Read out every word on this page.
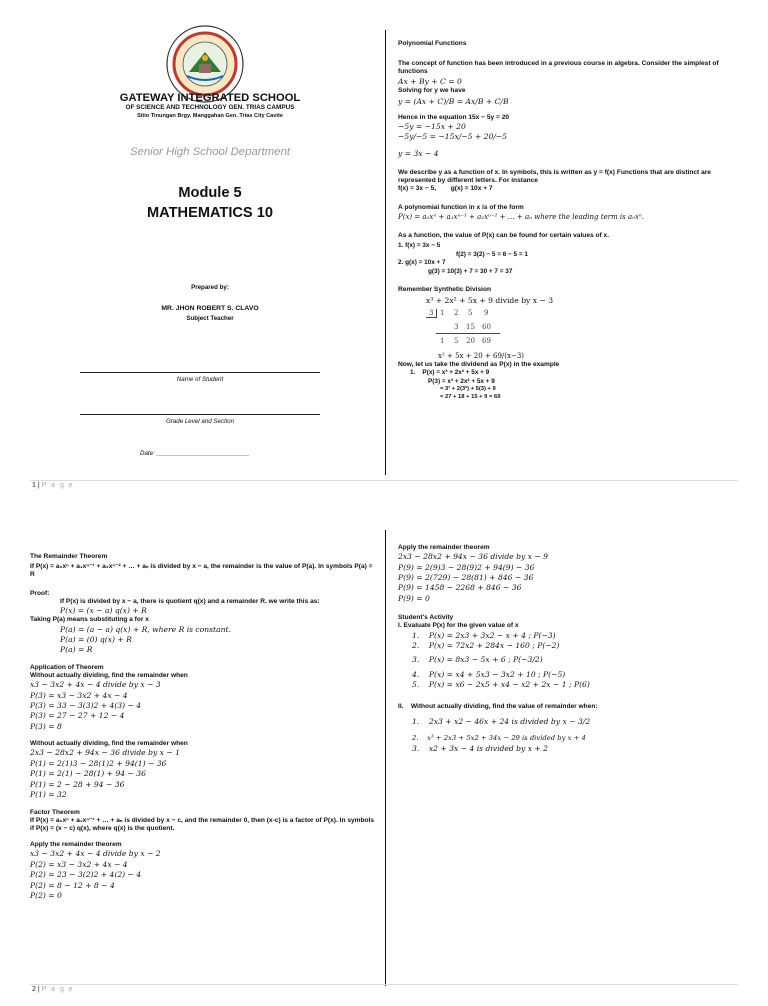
GATEWAY INTEGRATED SCHOOL
OF SCIENCE AND TECHNOLOGY GEN. TRIAS CAMPUS
Sitio Tinungan Brgy. Manggahan Gen. Trias City Cavite
Senior High School Department
Module 5
MATHEMATICS 10
Prepared by:
MR. JHON ROBERT S. CLAVO
Subject Teacher
Name of Student
Grade Level and Section
Date: ___________________________
Polynomial Functions
The concept of function has been introduced in a previous course in algebra. Consider the simplest of functions
Ax + By + C = 0
Solving for y we have
y = (Ax + C)/B = Ax/B + C/B
Hence in the equation 15x − 5y = 20
−5y = −15x + 20
−5y/−5 = −15x/−5 + 20/−5
y = 3x − 4
We describe y as a function of x. In symbols, this is written as y = f(x) Functions that are distinct are represented by different letters. For instance
f(x) = 3x − 5,        g(x) = 10x + 7
A polynomial function in x is of the form
P(x) = a₀xⁿ + a₁xⁿ⁻¹ + a₂xⁿ⁻² + … + aₙ where the leading term is a₀xⁿ.
As a function, the value of P(x) can be found for certain values of x.
1. f(x) = 3x − 5
f(2) = 3(2) − 5 = 6 − 5 = 1
2. g(x) = 10x + 7
g(3) = 10(3) + 7 = 30 + 7 = 37
Remember Synthetic Division
x³ + 2x² + 5x + 9 divide by x − 3
3 1 2 5 9
3 15 60
1 5 20 69
x² + 5x + 20 + 69/(x−3)
Now, let us take the dividend as P(x) in the example
1.    P(x) = x³ + 2x² + 5x + 9
P(3) = x³ + 2x² + 5x + 9
= 3³ + 2(3²) + 5(3) + 9
= 27 + 18 + 15 + 9 = 69
1 | P a g e
The Remainder Theorem
If P(x) = a₀xⁿ + a₁xⁿ⁻¹ + a₂xⁿ⁻² + … + aₙ is divided by x − a, the remainder is the value of P(a). In symbols P(a) = R
Proof:
If P(x) is divided by x − a, there is quotient q(x) and a remainder R. we write this as:
P(x) = (x − a) q(x) + R
Taking P(a) means substituting a for x
P(a) = (a − a) q(x) + R, where R is constant.
P(a) = (0) q(x) + R
P(a) = R
Application of Theorem
Without actually dividing, find the remainder when
x3 − 3x2 + 4x − 4 divide by x − 3
P(3) = x3 − 3x2 + 4x − 4
P(3) = 33 − 3(3)2 + 4(3) − 4
P(3) = 27 − 27 + 12 − 4
P(3) = 8
Without actually dividing, find the remainder when
2x3 − 28x2 + 94x − 36 divide by x − 1
P(1) = 2(1)3 − 28(1)2 + 94(1) − 36
P(1) = 2(1) − 28(1) + 94 − 36
P(1) = 2 − 28 + 94 − 36
P(1) = 32
Factor Theorem
If P(x) = a₀xⁿ + a₁xⁿ⁻¹ + … + aₙ is divided by x − c, and the remainder 0, then (x-c) is a factor of P(x). In symbols if P(x) = (x − c) q(x), where q(x) is the quotient.
Apply the remainder theorem
x3 − 3x2 + 4x − 4 divide by x − 2
P(2) = x3 − 3x2 + 4x − 4
P(2) = 23 − 3(2)2 + 4(2) − 4
P(2) = 8 − 12 + 8 − 4
P(2) = 0
Apply the remainder theorem
2x3 − 28x2 + 94x − 36 divide by x − 9
P(9) = 2(9)3 − 28(9)2 + 94(9) − 36
P(9) = 2(729) − 28(81) + 846 − 36
P(9) = 1458 − 2268 + 846 − 36
P(9) = 0
Student's Activity
I. Evaluate P(x) for the given value of x
1.    P(x) = 2x3 + 3x2 − x + 4 ; P(−3)
2.    P(x) = 72x2 + 284x − 160 ; P(−2)
3.    P(x) = 8x3 − 5x + 6 ; P(−3/2)
4.    P(x) = x4 + 5x3 − 3x2 + 10 ; P(−5)
5.    P(x) = x6 − 2x5 + x4 − x2 + 2x − 1 ; P(6)
II.    Without actually dividing, find the value of remainder when:
1.    2x3 + x2 − 46x + 24 is divided by x − 3/2
2.    x³ + 2x3 + 5x2 + 34x − 29 is divided by x + 4
3.    x2 + 3x − 4 is divided by x + 2
2 | P a g e
